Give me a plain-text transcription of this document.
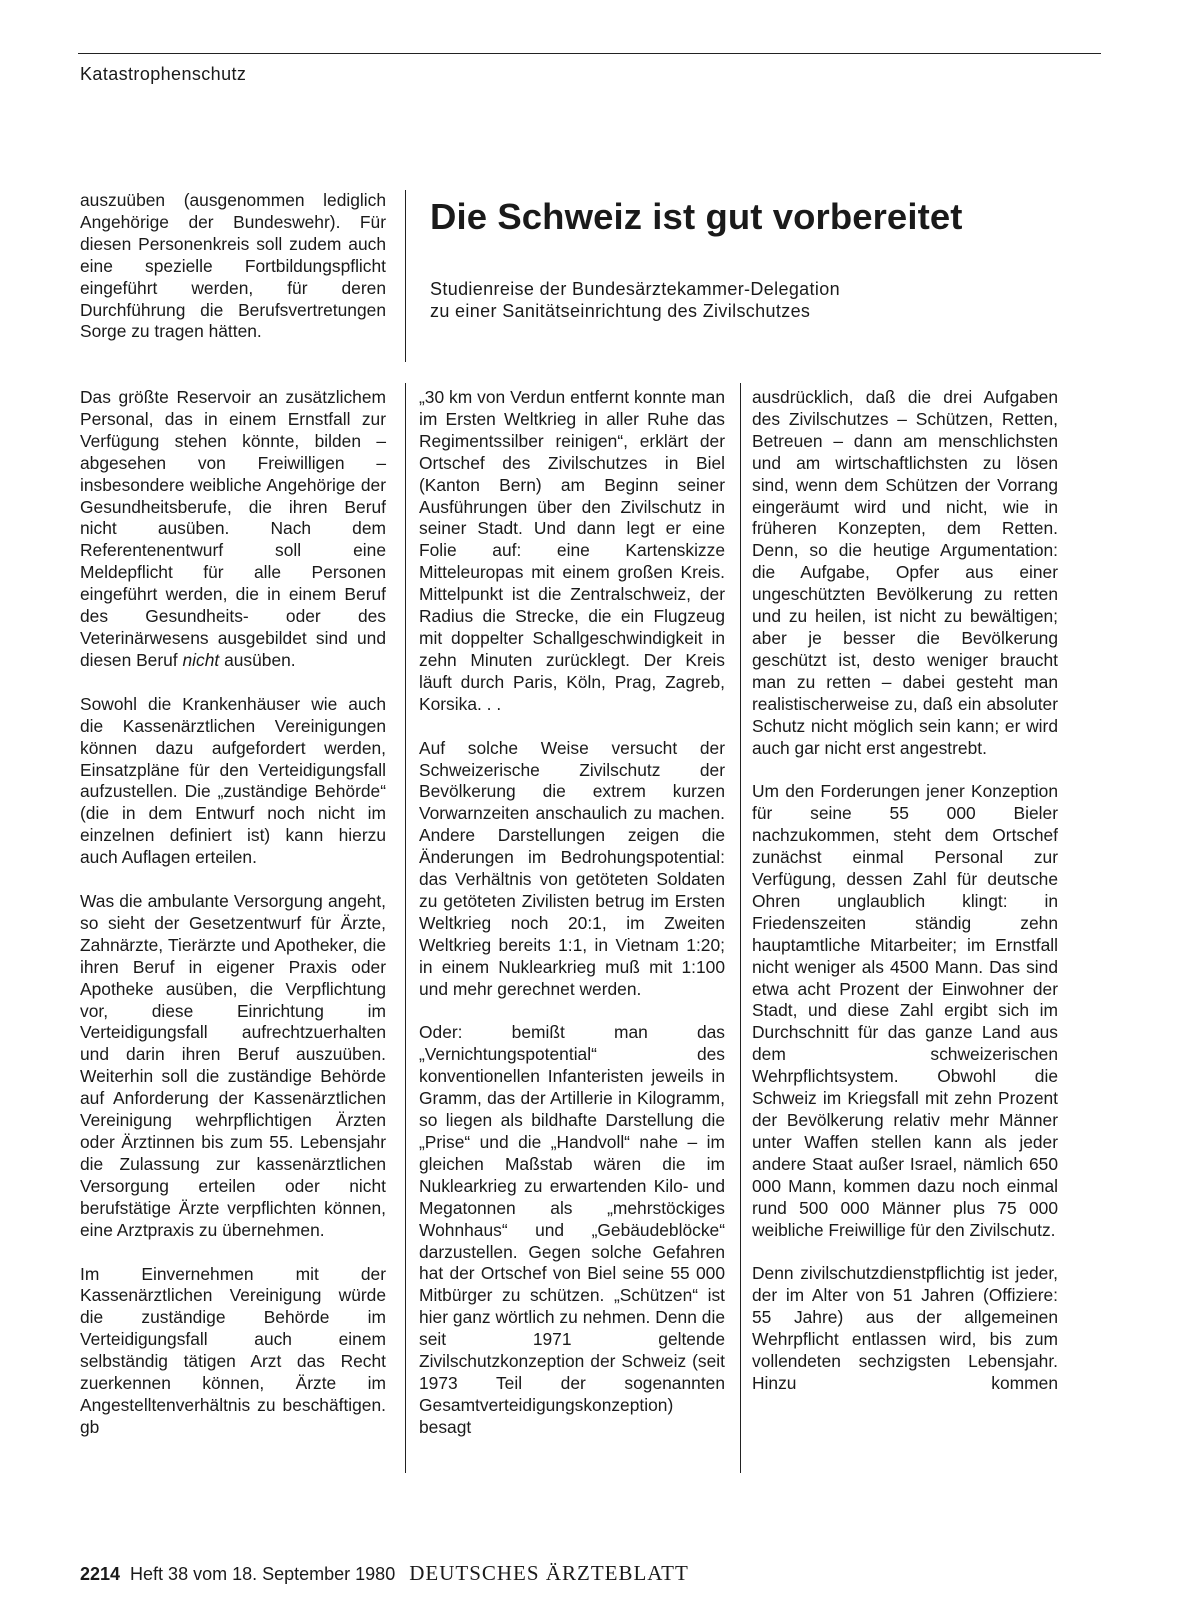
Katastrophenschutz
Die Schweiz ist gut vorbereitet
Studienreise der Bundesärztekammer-Delegation
zu einer Sanitätseinrichtung des Zivilschutzes

auszuüben (ausgenommen lediglich Angehörige der Bundeswehr). Für diesen Personenkreis soll zudem auch eine spezielle Fortbildungspflicht eingeführt werden, für deren Durchführung die Berufsvertretungen Sorge zu tragen hätten.

Das größte Reservoir an zusätzlichem Personal, das in einem Ernstfall zur Verfügung stehen könnte, bilden – abgesehen von Freiwilligen – insbesondere weibliche Angehörige der Gesundheitsberufe, die ihren Beruf nicht ausüben. Nach dem Referentenentwurf soll eine Meldepflicht für alle Personen eingeführt werden, die in einem Beruf des Gesundheits- oder des Veterinärwesens ausgebildet sind und diesen Beruf nicht ausüben.

Sowohl die Krankenhäuser wie auch die Kassenärztlichen Vereinigungen können dazu aufgefordert werden, Einsatzpläne für den Verteidigungsfall aufzustellen. Die „zuständige Behörde“ (die in dem Entwurf noch nicht im einzelnen definiert ist) kann hierzu auch Auflagen erteilen.

Was die ambulante Versorgung angeht, so sieht der Gesetzentwurf für Ärzte, Zahnärzte, Tierärzte und Apotheker, die ihren Beruf in eigener Praxis oder Apotheke ausüben, die Verpflichtung vor, diese Einrichtung im Verteidigungsfall aufrechtzuerhalten und darin ihren Beruf auszuüben. Weiterhin soll die zuständige Behörde auf Anforderung der Kassenärztlichen Vereinigung wehrpflichtigen Ärzten oder Ärztinnen bis zum 55. Lebensjahr die Zulassung zur kassenärztlichen Versorgung erteilen oder nicht berufstätige Ärzte verpflichten können, eine Arztpraxis zu übernehmen.

Im Einvernehmen mit der Kassenärztlichen Vereinigung würde die zuständige Behörde im Verteidigungsfall auch einem selbständig tätigen Arzt das Recht zuerkennen können, Ärzte im Angestelltenverhältnis zu beschäftigen. gb

„30 km von Verdun entfernt konnte man im Ersten Weltkrieg in aller Ruhe das Regimentssilber reinigen“, erklärt der Ortschef des Zivilschutzes in Biel (Kanton Bern) am Beginn seiner Ausführungen über den Zivilschutz in seiner Stadt. Und dann legt er eine Folie auf: eine Kartenskizze Mitteleuropas mit einem großen Kreis. Mittelpunkt ist die Zentralschweiz, der Radius die Strecke, die ein Flugzeug mit doppelter Schallgeschwindigkeit in zehn Minuten zurücklegt. Der Kreis läuft durch Paris, Köln, Prag, Zagreb, Korsika. . .

Auf solche Weise versucht der Schweizerische Zivilschutz der Bevölkerung die extrem kurzen Vorwarnzeiten anschaulich zu machen. Andere Darstellungen zeigen die Änderungen im Bedrohungspotential: das Verhältnis von getöteten Soldaten zu getöteten Zivilisten betrug im Ersten Weltkrieg noch 20:1, im Zweiten Weltkrieg bereits 1:1, in Vietnam 1:20; in einem Nuklearkrieg muß mit 1:100 und mehr gerechnet werden.

Oder: bemißt man das „Vernichtungspotential“ des konventionellen Infanteristen jeweils in Gramm, das der Artillerie in Kilogramm, so liegen als bildhafte Darstellung die „Prise“ und die „Handvoll“ nahe – im gleichen Maßstab wären die im Nuklearkrieg zu erwartenden Kilo- und Megatonnen als „mehrstöckiges Wohnhaus“ und „Gebäudeblöcke“ darzustellen. Gegen solche Gefahren hat der Ortschef von Biel seine 55 000 Mitbürger zu schützen. „Schützen“ ist hier ganz wörtlich zu nehmen. Denn die seit 1971 geltende Zivilschutzkonzeption der Schweiz (seit 1973 Teil der sogenannten Gesamtverteidigungskonzeption) besagt

ausdrücklich, daß die drei Aufgaben des Zivilschutzes – Schützen, Retten, Betreuen – dann am menschlichsten und am wirtschaftlichsten zu lösen sind, wenn dem Schützen der Vorrang eingeräumt wird und nicht, wie in früheren Konzepten, dem Retten. Denn, so die heutige Argumentation: die Aufgabe, Opfer aus einer ungeschützten Bevölkerung zu retten und zu heilen, ist nicht zu bewältigen; aber je besser die Bevölkerung geschützt ist, desto weniger braucht man zu retten – dabei gesteht man realistischerweise zu, daß ein absoluter Schutz nicht möglich sein kann; er wird auch gar nicht erst angestrebt.

Um den Forderungen jener Konzeption für seine 55 000 Bieler nachzukommen, steht dem Ortschef zunächst einmal Personal zur Verfügung, dessen Zahl für deutsche Ohren unglaublich klingt: in Friedenszeiten ständig zehn hauptamtliche Mitarbeiter; im Ernstfall nicht weniger als 4500 Mann. Das sind etwa acht Prozent der Einwohner der Stadt, und diese Zahl ergibt sich im Durchschnitt für das ganze Land aus dem schweizerischen Wehrpflichtsystem. Obwohl die Schweiz im Kriegsfall mit zehn Prozent der Bevölkerung relativ mehr Männer unter Waffen stellen kann als jeder andere Staat außer Israel, nämlich 650 000 Mann, kommen dazu noch einmal rund 500 000 Männer plus 75 000 weibliche Freiwillige für den Zivilschutz.

Denn zivilschutzdienstpflichtig ist jeder, der im Alter von 51 Jahren (Offiziere: 55 Jahre) aus der allgemeinen Wehrpflicht entlassen wird, bis zum vollendeten sechzigsten Lebensjahr. Hinzu kommen

2214 Heft 38 vom 18. September 1980 DEUTSCHES ÄRZTEBLATT
